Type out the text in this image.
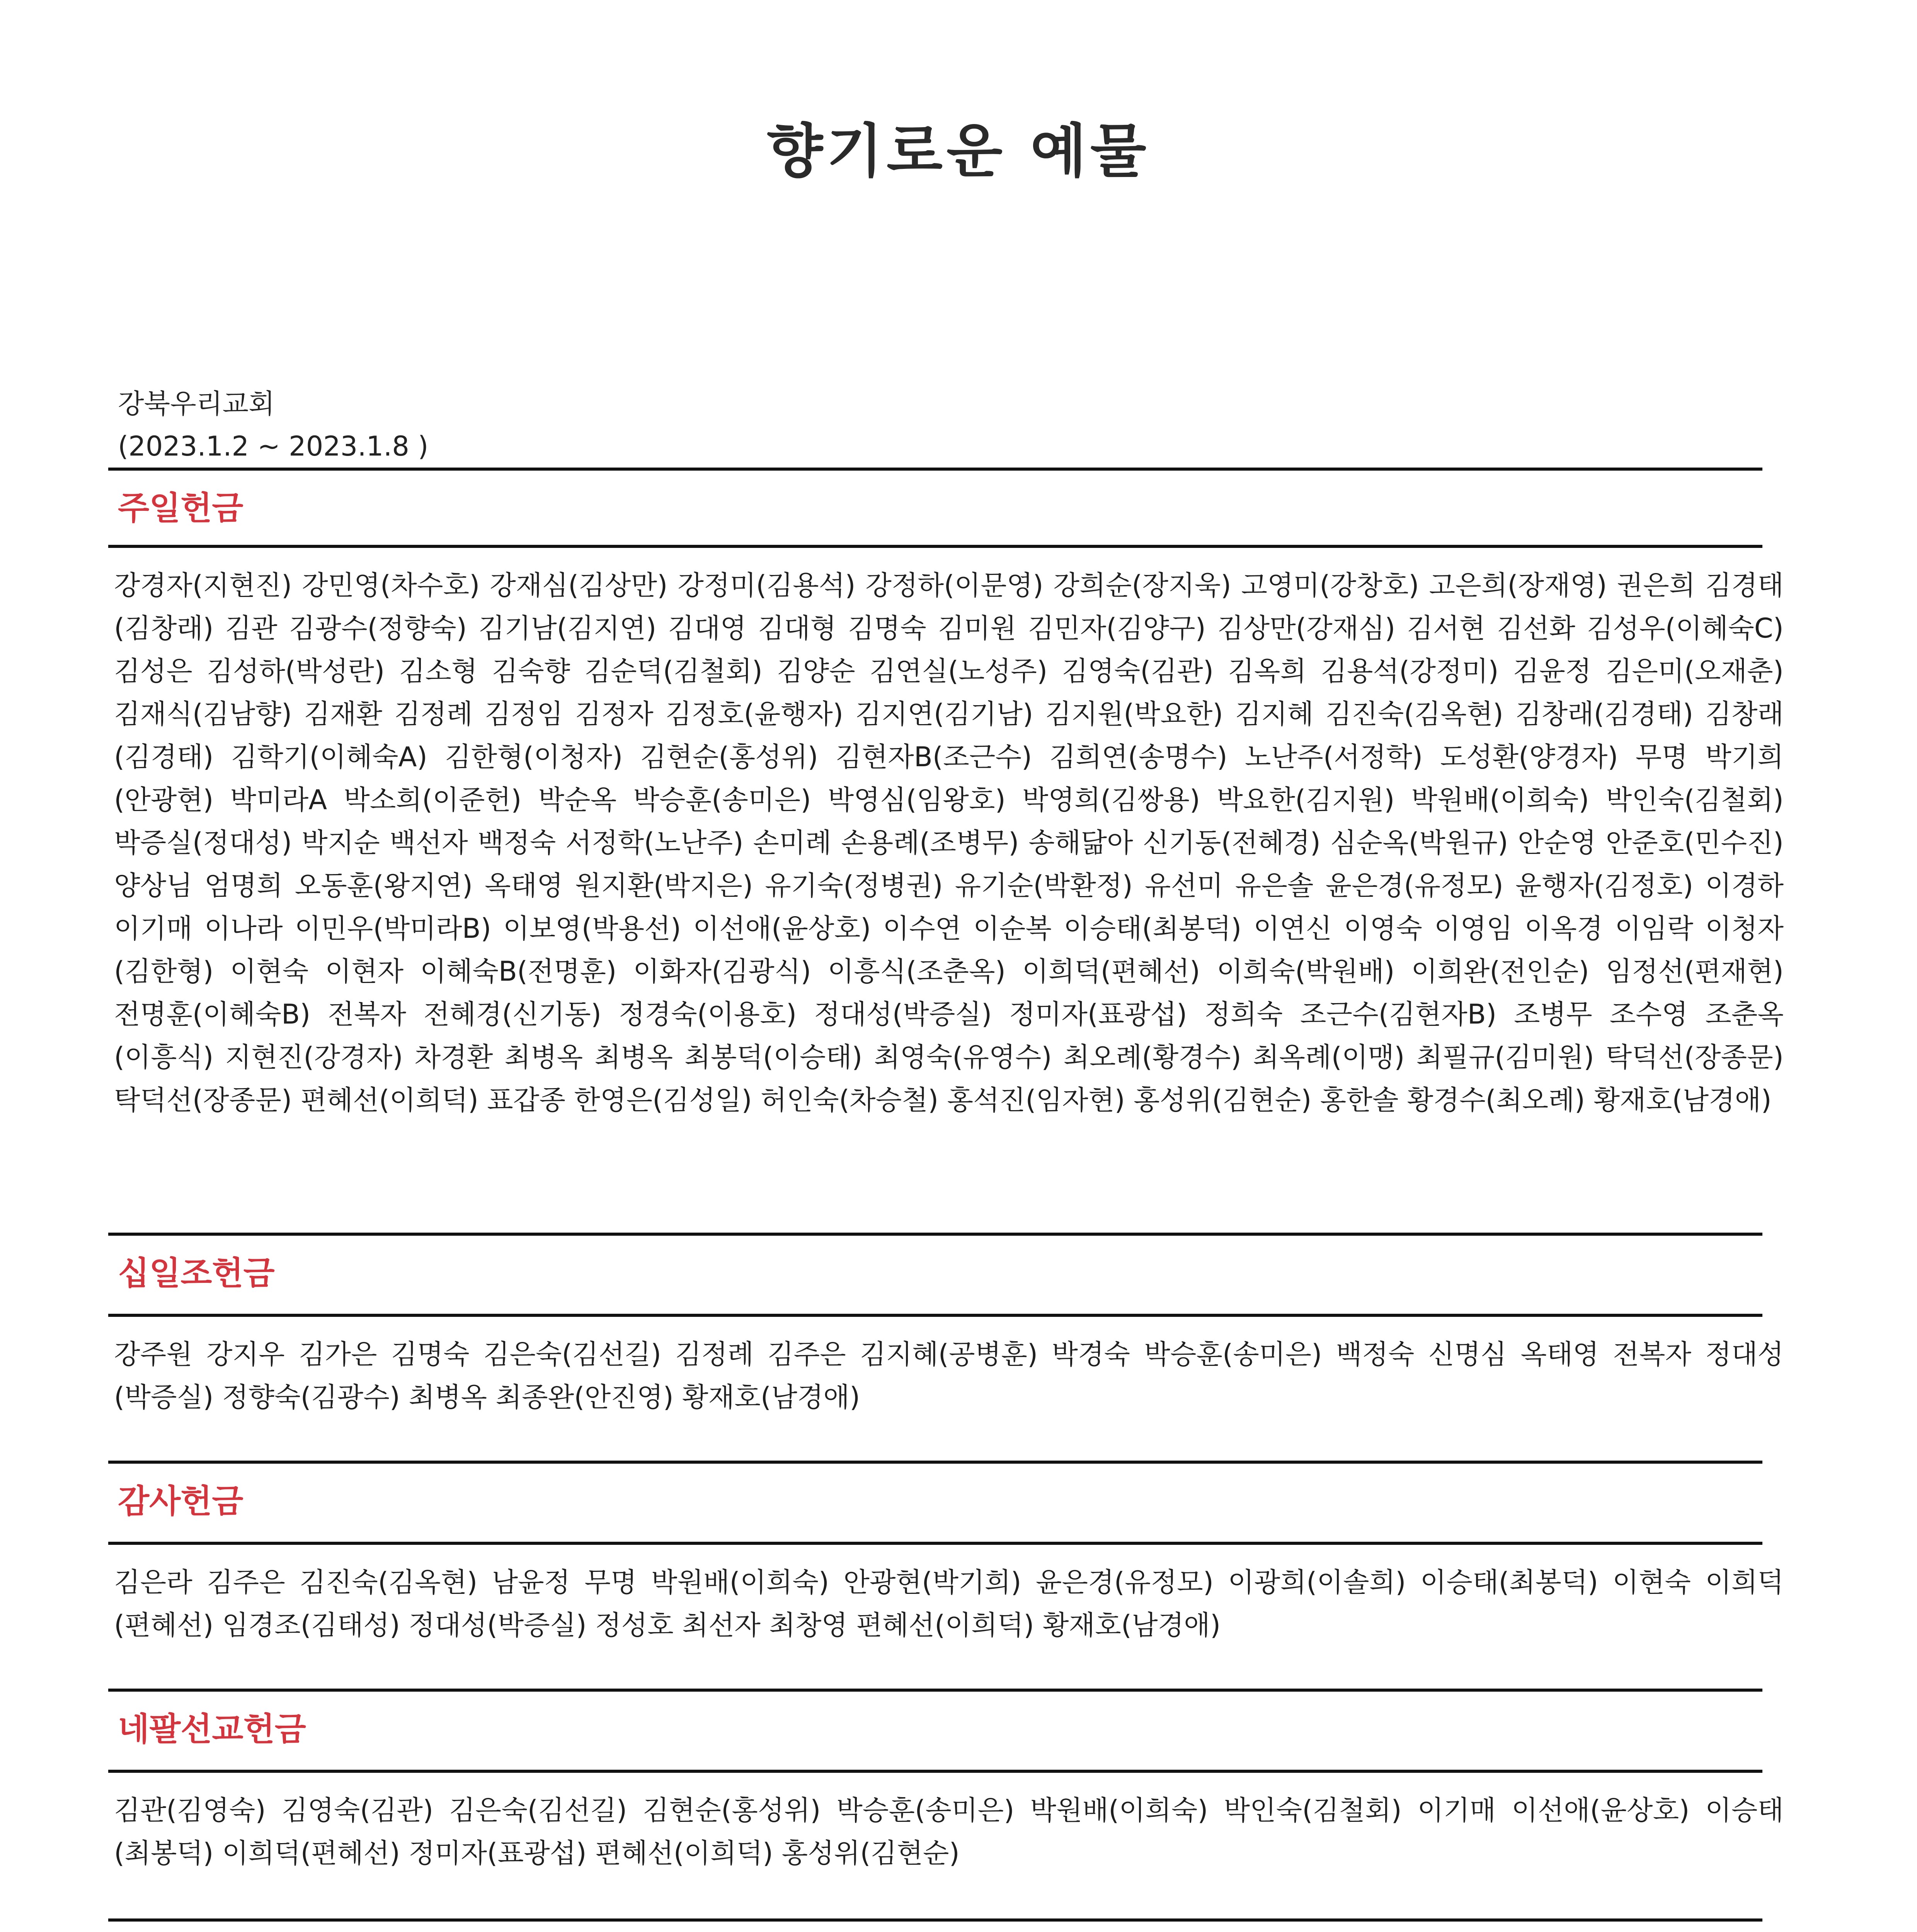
향기로운 예물
강북우리교회
(2023.1.2 ~ 2023.1.8 )
주일헌금
강경자(지현진) 강민영(차수호) 강재심(김상만) 강정미(김용석) 강정하(이문영) 강희순(장지욱) 고영미(강창호) 고은희(장재영) 권은희 김경태(김창래) 김관 김광수(정향숙) 김기남(김지연) 김대영 김대형 김명숙 김미원 김민자(김양구) 김상만(강재심) 김서현 김선화 김성우(이혜숙C) 김성은 김성하(박성란) 김소형 김숙향 김순덕(김철회) 김양순 김연실(노성주) 김영숙(김관) 김옥희 김용석(강정미) 김윤정 김은미(오재춘) 김재식(김남향) 김재환 김정례 김정임 김정자 김정호(윤행자) 김지연(김기남) 김지원(박요한) 김지혜 김진숙(김옥현) 김창래(김경태) 김창래(김경태) 김학기(이혜숙A) 김한형(이청자) 김현순(홍성위) 김현자B(조근수) 김희연(송명수) 노난주(서정학) 도성환(양경자) 무명 박기희(안광현) 박미라A 박소희(이준헌) 박순옥 박승훈(송미은) 박영심(임왕호) 박영희(김쌍용) 박요한(김지원) 박원배(이희숙) 박인숙(김철회) 박증실(정대성) 박지순 백선자 백정숙 서정학(노난주) 손미례 손용례(조병무) 송해닮아 신기동(전혜경) 심순옥(박원규) 안순영 안준호(민수진) 양상님 엄명희 오동훈(왕지연) 옥태영 원지환(박지은) 유기숙(정병권) 유기순(박환정) 유선미 유은솔 윤은경(유정모) 윤행자(김정호) 이경하 이기매 이나라 이민우(박미라B) 이보영(박용선) 이선애(윤상호) 이수연 이순복 이승태(최봉덕) 이연신 이영숙 이영임 이옥경 이임락 이청자(김한형) 이현숙 이현자 이혜숙B(전명훈) 이화자(김광식) 이흥식(조춘옥) 이희덕(편혜선) 이희숙(박원배) 이희완(전인순) 임정선(편재현) 전명훈(이혜숙B) 전복자 전혜경(신기동) 정경숙(이용호) 정대성(박증실) 정미자(표광섭) 정희숙 조근수(김현자B) 조병무 조수영 조춘옥(이흥식) 지현진(강경자) 차경환 최병옥 최병옥 최봉덕(이승태) 최영숙(유영수) 최오례(황경수) 최옥례(이맹) 최필규(김미원) 탁덕선(장종문) 탁덕선(장종문) 편혜선(이희덕) 표갑종 한영은(김성일) 허인숙(차승철) 홍석진(임자현) 홍성위(김현순) 홍한솔 황경수(최오례) 황재호(남경애)
십일조헌금
강주원 강지우 김가은 김명숙 김은숙(김선길) 김정례 김주은 김지혜(공병훈) 박경숙 박승훈(송미은) 백정숙 신명심 옥태영 전복자 정대성(박증실) 정향숙(김광수) 최병옥 최종완(안진영) 황재호(남경애)
감사헌금
김은라 김주은 김진숙(김옥현) 남윤정 무명 박원배(이희숙) 안광현(박기희) 윤은경(유정모) 이광희(이솔희) 이승태(최봉덕) 이현숙 이희덕(편혜선) 임경조(김태성) 정대성(박증실) 정성호 최선자 최창영 편혜선(이희덕) 황재호(남경애)
네팔선교헌금
김관(김영숙) 김영숙(김관) 김은숙(김선길) 김현순(홍성위) 박승훈(송미은) 박원배(이희숙) 박인숙(김철회) 이기매 이선애(윤상호) 이승태(최봉덕) 이희덕(편혜선) 정미자(표광섭) 편혜선(이희덕) 홍성위(김현순)
